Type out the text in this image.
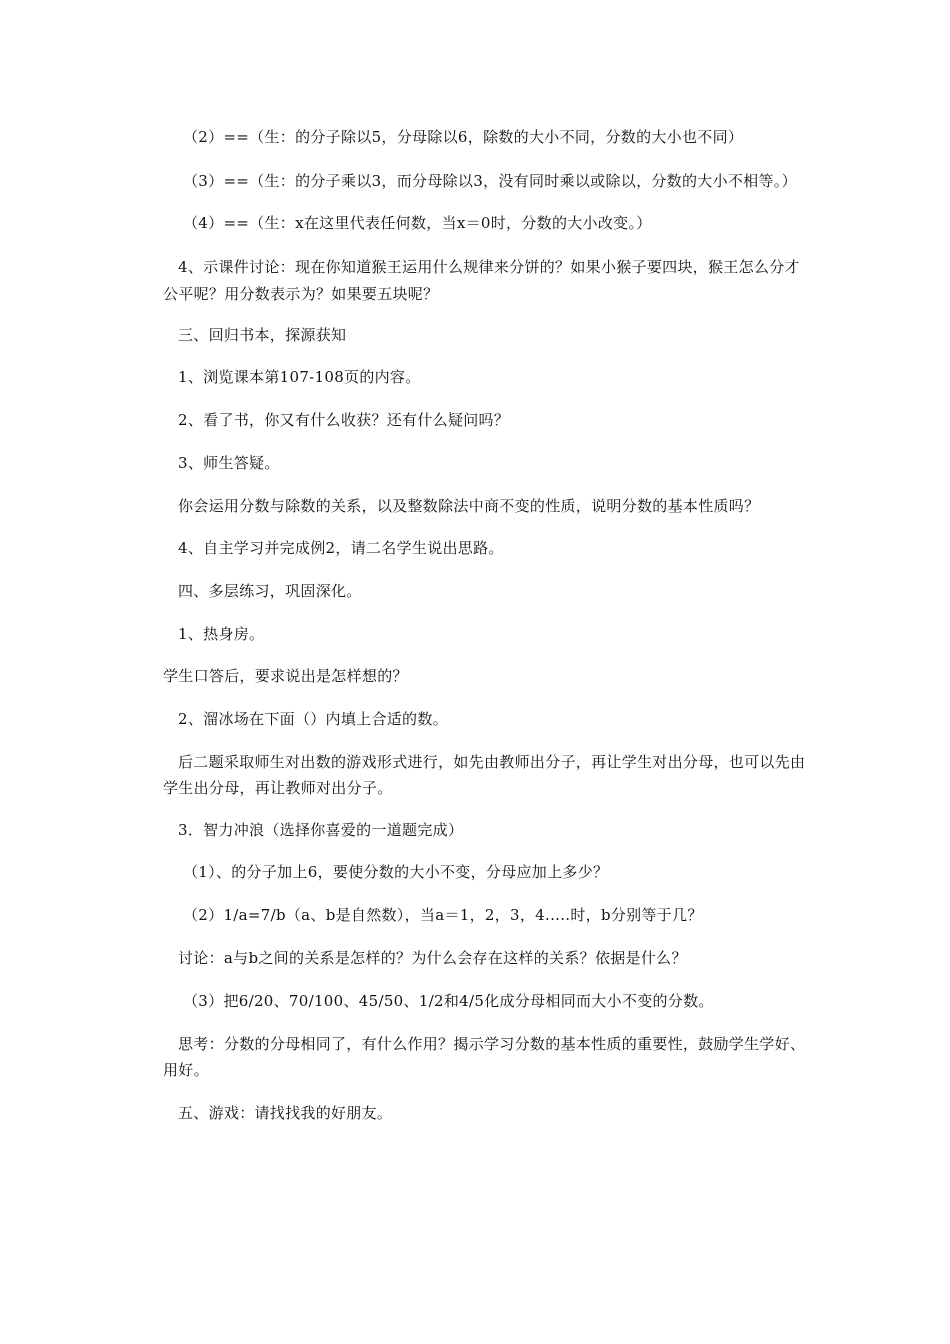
（2）==（生：的分子除以5，分母除以6，除数的大小不同，分数的大小也不同）
（3）==（生：的分子乘以3，而分母除以3，没有同时乘以或除以，分数的大小不相等。）
（4）==（生：x在这里代表任何数，当x＝0时，分数的大小改变。）
4、示课件讨论：现在你知道猴王运用什么规律来分饼的？如果小猴子要四块，猴王怎么分才
公平呢？用分数表示为？如果要五块呢？
三、回归书本，探源获知
1、浏览课本第107-108页的内容。
2、看了书，你又有什么收获？还有什么疑问吗？
3、师生答疑。
你会运用分数与除数的关系，以及整数除法中商不变的性质，说明分数的基本性质吗？
4、自主学习并完成例2，请二名学生说出思路。
四、多层练习，巩固深化。
1、热身房。
学生口答后，要求说出是怎样想的？
2、溜冰场在下面（）内填上合适的数。
后二题采取师生对出数的游戏形式进行，如先由教师出分子，再让学生对出分母，也可以先由
学生出分母，再让教师对出分子。
3．智力冲浪（选择你喜爱的一道题完成）
（1）、的分子加上6，要使分数的大小不变，分母应加上多少？
（2）1/a=7/b（a、b是自然数），当a＝1，2，3，4.....时，b分别等于几？
讨论：a与b之间的关系是怎样的？为什么会存在这样的关系？依据是什么？
（3）把6/20、70/100、45/50、1/2和4/5化成分母相同而大小不变的分数。
思考：分数的分母相同了，有什么作用？揭示学习分数的基本性质的重要性，鼓励学生学好、
用好。
五、游戏：请找找我的好朋友。
